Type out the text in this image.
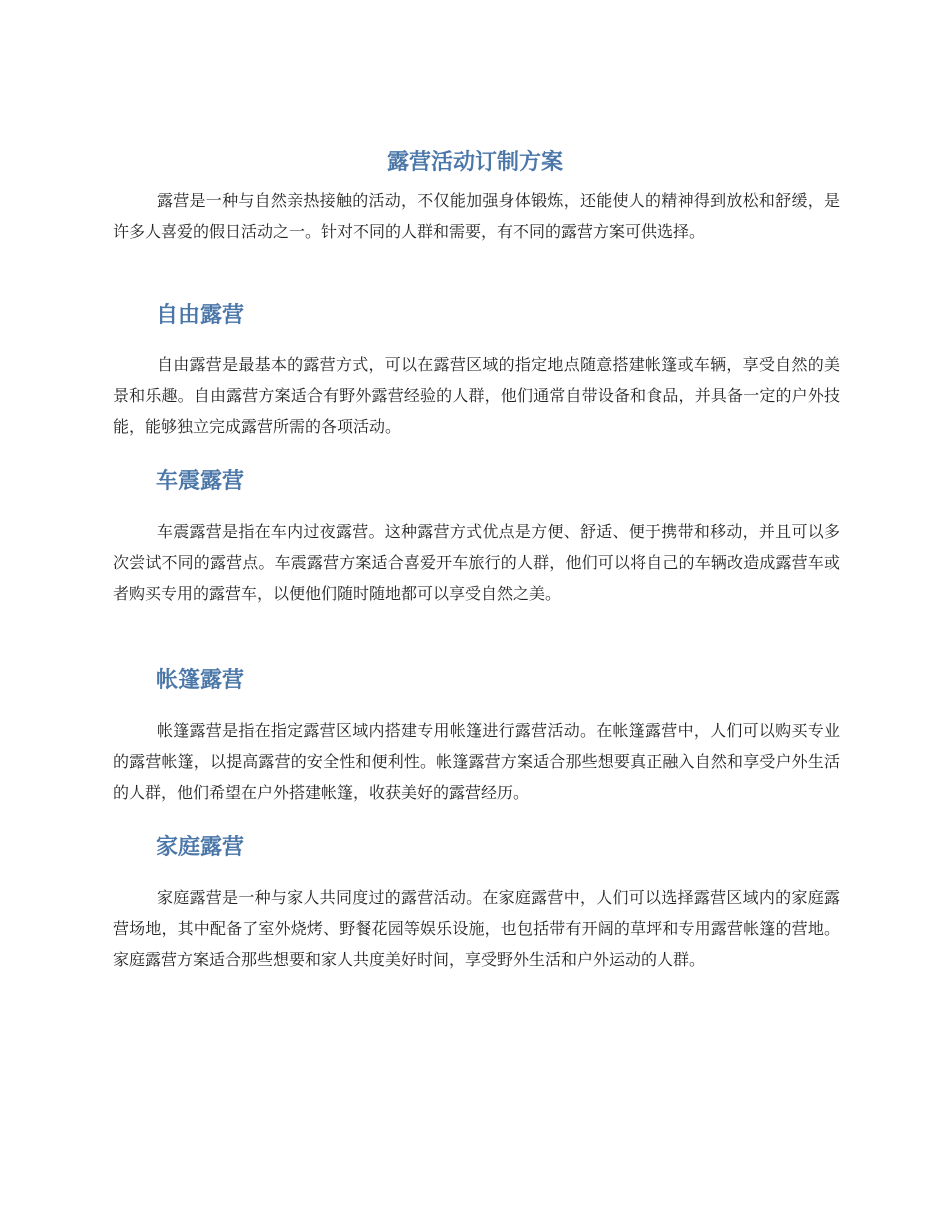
露营活动订制方案

露营是一种与自然亲热接触的活动，不仅能加强身体锻炼，还能使人的精神得到放松和舒缓，是许多人喜爱的假日活动之一。针对不同的人群和需要，有不同的露营方案可供选择。

自由露营

自由露营是最基本的露营方式，可以在露营区域的指定地点随意搭建帐篷或车辆，享受自然的美景和乐趣。自由露营方案适合有野外露营经验的人群，他们通常自带设备和食品，并具备一定的户外技能，能够独立完成露营所需的各项活动。

车震露营

车震露营是指在车内过夜露营。这种露营方式优点是方便、舒适、便于携带和移动，并且可以多次尝试不同的露营点。车震露营方案适合喜爱开车旅行的人群，他们可以将自己的车辆改造成露营车或者购买专用的露营车，以便他们随时随地都可以享受自然之美。

帐篷露营

帐篷露营是指在指定露营区域内搭建专用帐篷进行露营活动。在帐篷露营中，人们可以购买专业的露营帐篷，以提高露营的安全性和便利性。帐篷露营方案适合那些想要真正融入自然和享受户外生活的人群，他们希望在户外搭建帐篷，收获美好的露营经历。

家庭露营

家庭露营是一种与家人共同度过的露营活动。在家庭露营中，人们可以选择露营区域内的家庭露营场地，其中配备了室外烧烤、野餐花园等娱乐设施，也包括带有开阔的草坪和专用露营帐篷的营地。家庭露营方案适合那些想要和家人共度美好时间，享受野外生活和户外运动的人群。
